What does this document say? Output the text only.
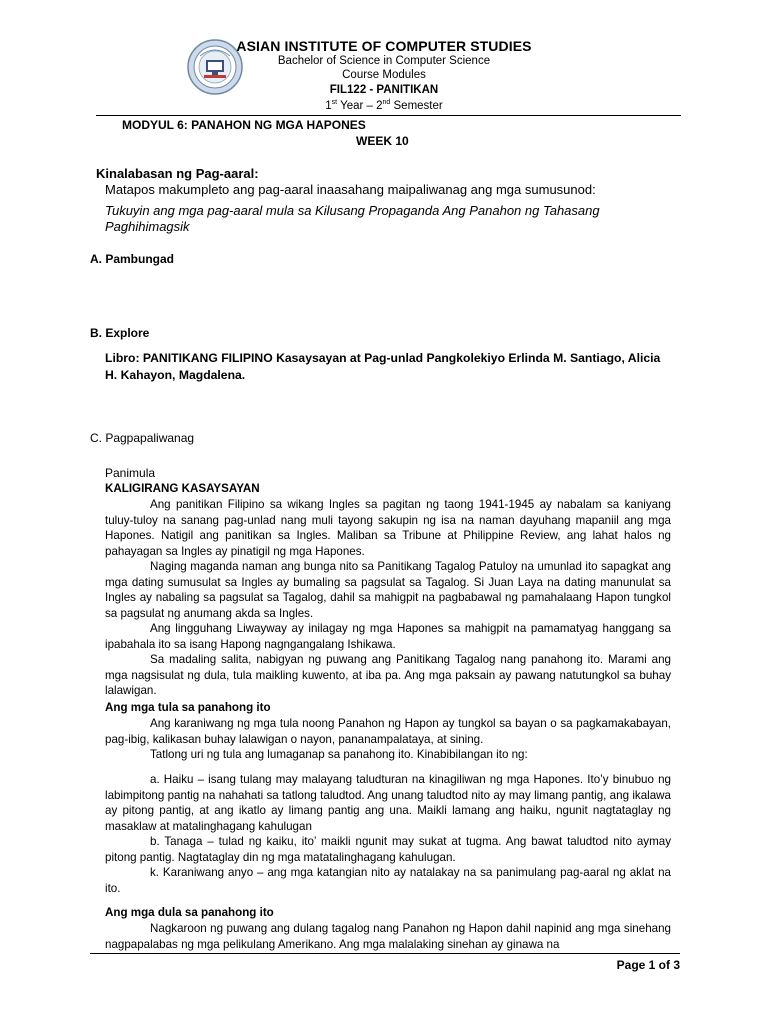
ASIAN INSTITUTE OF COMPUTER STUDIES
Bachelor of Science in Computer Science
Course Modules
FIL122 - PANITIKAN
1st Year – 2nd Semester
MODYUL 6: PANAHON NG MGA HAPONES
WEEK 10
Kinalabasan ng Pag-aaral:
Matapos makumpleto ang pag-aaral inaasahang maipaliwanag ang mga sumusunod:
Tukuyin ang mga pag-aaral mula sa Kilusang Propaganda Ang Panahon ng Tahasang
Paghihimagsik
A. Pambungad
B. Explore
Libro: PANITIKANG FILIPINO Kasaysayan at Pag-unlad Pangkolekiyo Erlinda M. Santiago, Alicia
H. Kahayon, Magdalena.
C. Pagpapaliwanag
Panimula
KALIGIRANG KASAYSAYAN
Ang panitikan Filipino sa wikang Ingles sa pagitan ng taong 1941-1945 ay nabalam sa kaniyang tuluy-tuloy na sanang pag-unlad nang muli tayong sakupin ng isa na naman dayuhang mapaniil ang mga Hapones. Natigil ang panitikan sa Ingles. Maliban sa Tribune at Philippine Review, ang lahat halos ng pahayagan sa Ingles ay pinatigil ng mga Hapones.
Naging maganda naman ang bunga nito sa Panitikang Tagalog Patuloy na umunlad ito sapagkat ang mga dating sumusulat sa Ingles ay bumaling sa pagsulat sa Tagalog. Si Juan Laya na dating manunulat sa Ingles ay nabaling sa pagsulat sa Tagalog, dahil sa mahigpit na pagbabawal ng pamahalaang Hapon tungkol sa pagsulat ng anumang akda sa Ingles.
Ang lingguhang Liwayway ay inilagay ng mga Hapones sa mahigpit na pamamatyag hanggang sa ipabahala ito sa isang Hapong nagngangalang Ishikawa.
Sa madaling salita, nabigyan ng puwang ang Panitikang Tagalog nang panahong ito. Marami ang mga nagsisulat ng dula, tula maikling kuwento, at iba pa. Ang mga paksain ay pawang natutungkol sa buhay lalawigan.
Ang mga tula sa panahong ito
Ang karaniwang ng mga tula noong Panahon ng Hapon ay tungkol sa bayan o sa pagkamakabayan, pag-ibig, kalikasan buhay lalawigan o nayon, pananampalataya, at sining.
Tatlong uri ng tula ang lumaganap sa panahong ito. Kinabibilangan ito ng:
a. Haiku – isang tulang may malayang taludturan na kinagiliwan ng mga Hapones. Ito’y binubuo ng labimpitong pantig na nahahati sa tatlong taludtod. Ang unang taludtod nito ay may limang pantig, ang ikalawa ay pitong pantig, at ang ikatlo ay limang pantig ang una. Maikli lamang ang haiku, ngunit nagtataglay ng masaklaw at matalinghagang kahulugan
b. Tanaga – tulad ng kaiku, ito’ maikli ngunit may sukat at tugma. Ang bawat taludtod nito aymay pitong pantig. Nagtataglay din ng mga matatalinghagang kahulugan.
k. Karaniwang anyo – ang mga katangian nito ay natalakay na sa panimulang pag-aaral ng aklat na ito.
Ang mga dula sa panahong ito
Nagkaroon ng puwang ang dulang tagalog nang Panahon ng Hapon dahil napinid ang mga sinehang nagpapalabas ng mga pelikulang Amerikano. Ang mga malalaking sinehan ay ginawa na
Page 1 of 3
